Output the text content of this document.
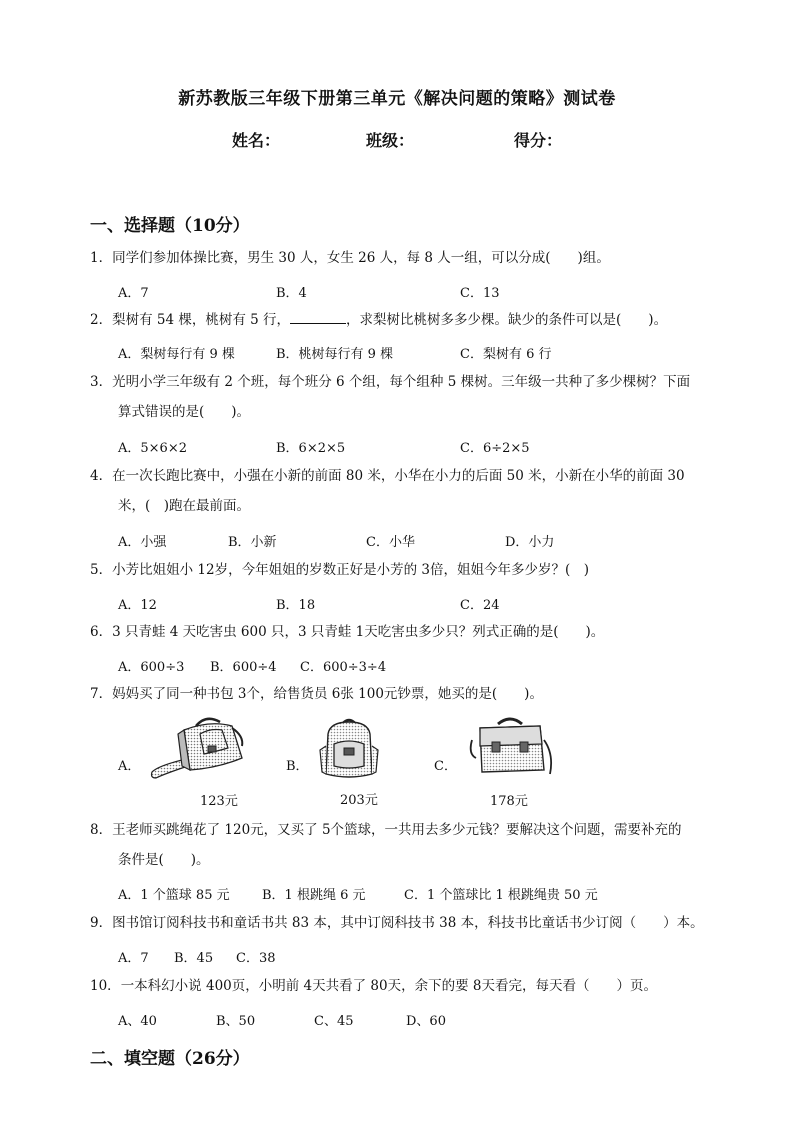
新苏教版三年级下册第三单元《解决问题的策略》测试卷
姓名：	班级：	得分：
一、选择题（10分）
1．同学们参加体操比赛，男生 30 人，女生 26 人，每 8 人一组，可以分成(　　)组。
A．7	B．4	C．13
2．梨树有 54 棵，桃树有 5 行，	，求梨树比桃树多多少棵。缺少的条件可以是(　　)。
A．梨树每行有 9 棵	B．桃树每行有 9 棵	C．梨树有 6 行
3．光明小学三年级有 2 个班，每个班分 6 个组，每个组种 5 棵树。三年级一共种了多少棵树？下面
算式错误的是(　　)。
A．5×6×2	B．6×2×5	C．6÷2×5
4．在一次长跑比赛中，小强在小新的前面 80 米，小华在小力的后面 50 米，小新在小华的前面 30
米，(　)跑在最前面。
A．小强	B．小新	C．小华	D．小力
5．小芳比姐姐小 12岁，今年姐姐的岁数正好是小芳的 3倍，姐姐今年多少岁？(　)
A．12	B．18	C．24
6．3 只青蛙 4 天吃害虫 600 只，3 只青蛙 1天吃害虫多少只？列式正确的是(　　)。
A．600÷3 B．600÷4 C．600÷3÷4
7．妈妈买了同一种书包 3个，给售货员 6张 100元钞票，她买的是(　　)。
A．	B．	C．
123元	203元	178元
8．王老师买跳绳花了 120元，又买了 5个篮球，一共用去多少元钱？要解决这个问题，需要补充的
条件是(　　)。
A．1 个篮球 85 元 B．1 根跳绳 6 元	C．1 个篮球比 1 根跳绳贵 50 元
9．图书馆订阅科技书和童话书共 83 本，其中订阅科技书 38 本，科技书比童话书少订阅（　　）本。
A．7 B．45 C．38
10．一本科幻小说 400页，小明前 4天共看了 80天，余下的要 8天看完，每天看（　　）页。
A、40	B、50	C、45	D、60
二、填空题（26分）
